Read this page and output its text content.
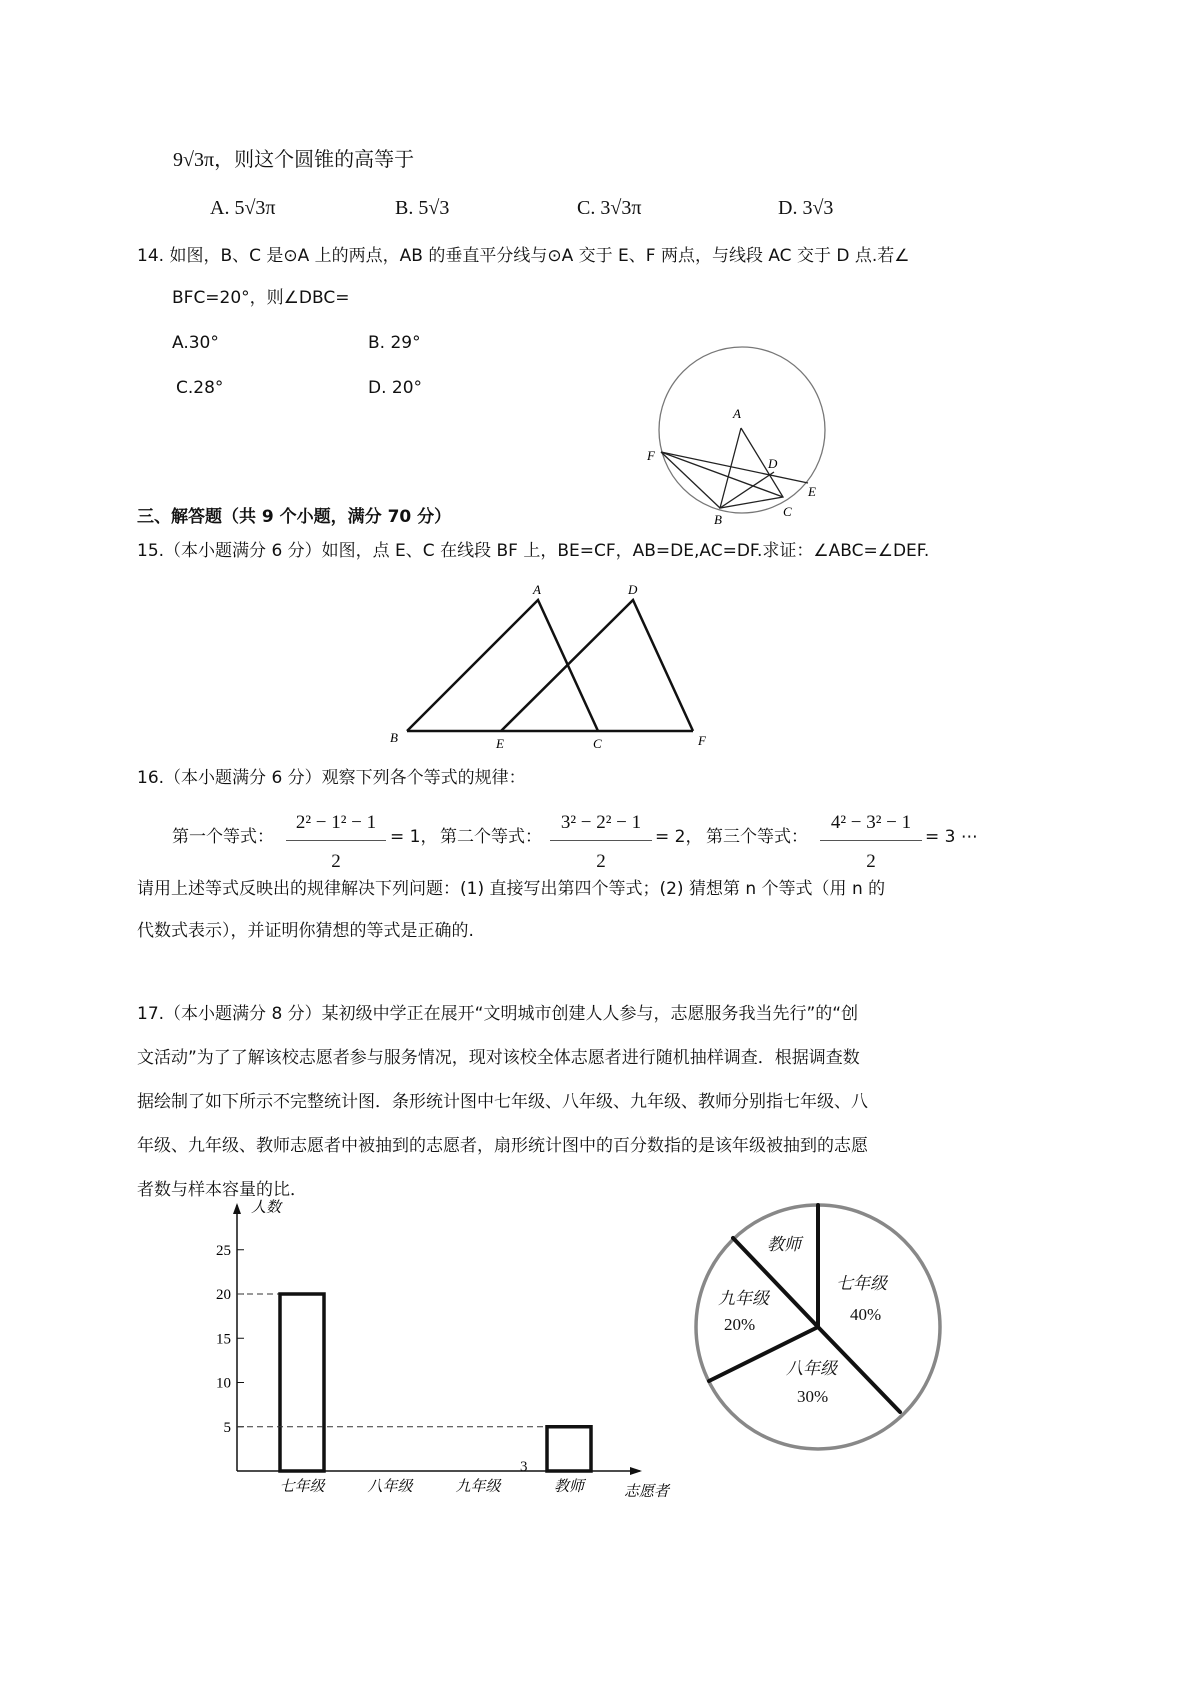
9√3π，则这个圆锥的高等于
A. 5√3π	B. 5√3	C. 3√3π	D. 3√3
14. 如图，B、C 是⊙A 上的两点，AB 的垂直平分线与⊙A 交于 E、F 两点，与线段 AC 交于 D 点.若∠
BFC=20°，则∠DBC=
A.30°	B. 29°
C.28°	D. 20°
A
D
F
E
B
C
A	D
B	E	C	F
人数
志愿者
5
10
15
20
25
七年级	八年级	九年级	教师
三、解答题（共 9 个小题，满分 70 分）
15.（本小题满分 6 分）如图，点 E、C 在线段 BF 上，BE=CF，AB=DE,AC=DF.求证：∠ABC=∠DEF.
16.（本小题满分 6 分）观察下列各个等式的规律：
第一个等式： $\frac{\text{2² − 1² − 1}}{2} = 1$， 第二个等式： $\frac{\text{3² − 2² − 1}}{2} = 2$， 第三个等式： $\frac{\text{4² − 3² − 1}}{2} = 3$ ⋯
请用上述等式反映出的规律解决下列问题：(1) 直接写出第四个等式；(2) 猜想第 n 个等式（用 n 的
代数式表示），并证明你猜想的等式是正确的.
17.（本小题满分 8 分）某初级中学正在展开“文明城市创建人人参与，志愿服务我当先行”的“创
文活动”为了了解该校志愿者参与服务情况，现对该校全体志愿者进行随机抽样调查．根据调查数
据绘制了如下所示不完整统计图．条形统计图中七年级、八年级、九年级、教师分别指七年级、八
年级、九年级、教师志愿者中被抽到的志愿者，扇形统计图中的百分数指的是该年级被抽到的志愿
者数与样本容量的比．
教师
七年级
40%
九年级
20%
八年级
30%
3
